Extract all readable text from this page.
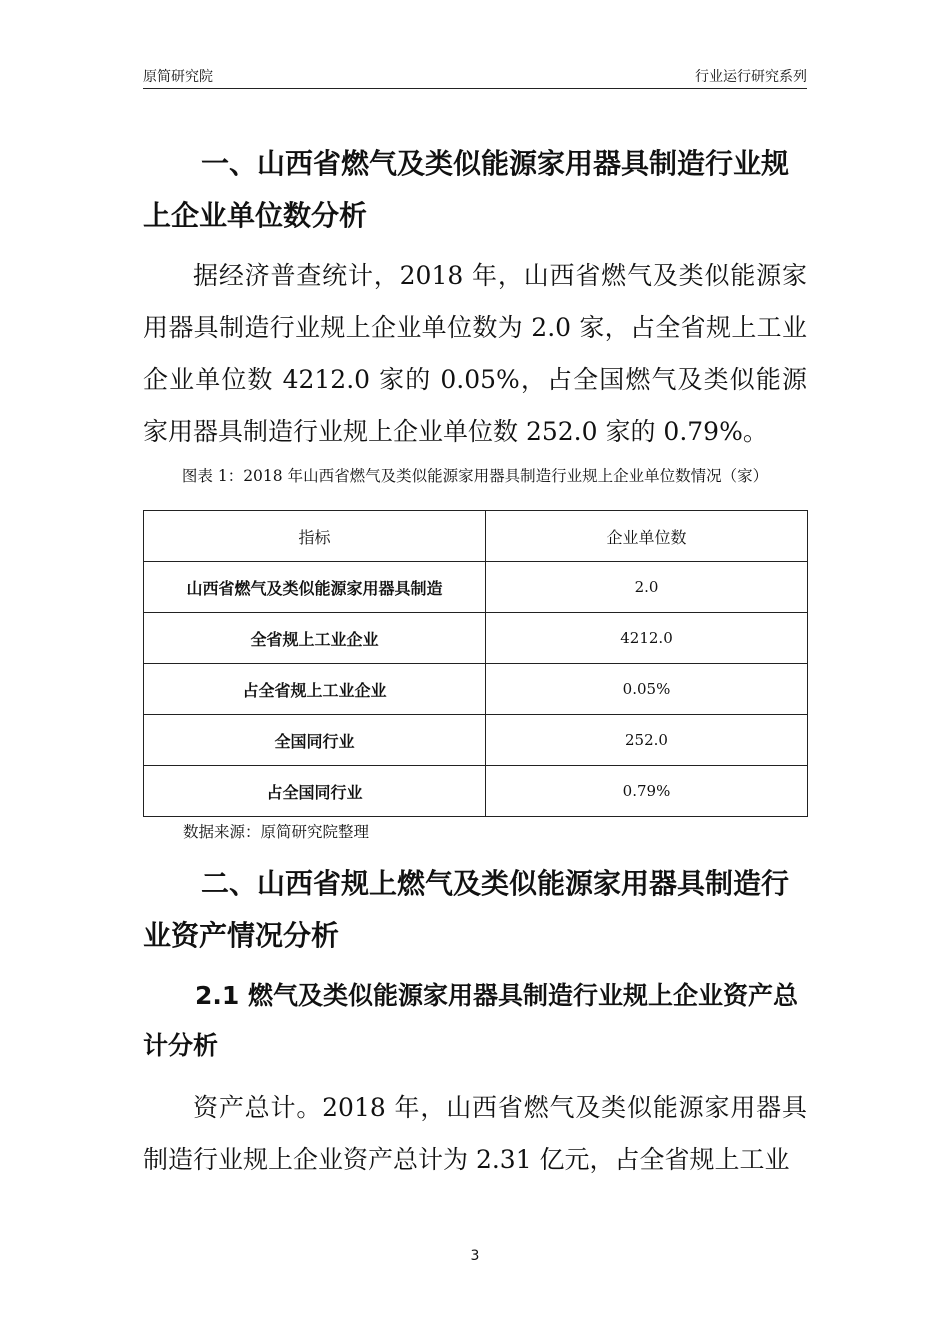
原简研究院	行业运行研究系列
一、山西省燃气及类似能源家用器具制造行业规上企业单位数分析

据经济普查统计，2018 年，山西省燃气及类似能源家用器具制造行业规上企业单位数为 2.0 家，占全省规上工业企业单位数 4212.0 家的 0.05%，占全国燃气及类似能源家用器具制造行业规上企业单位数 252.0 家的 0.79%。

图表 1：2018 年山西省燃气及类似能源家用器具制造行业规上企业单位数情况（家）

指标	企业单位数
山西省燃气及类似能源家用器具制造	2.0
全省规上工业企业	4212.0
占全省规上工业企业	0.05%
全国同行业	252.0
占全国同行业	0.79%

数据来源：原简研究院整理

二、山西省规上燃气及类似能源家用器具制造行业资产情况分析
2.1 燃气及类似能源家用器具制造行业规上企业资产总计分析

资产总计。2018 年，山西省燃气及类似能源家用器具制造行业规上企业资产总计为 2.31 亿元，占全省规上工业

3
